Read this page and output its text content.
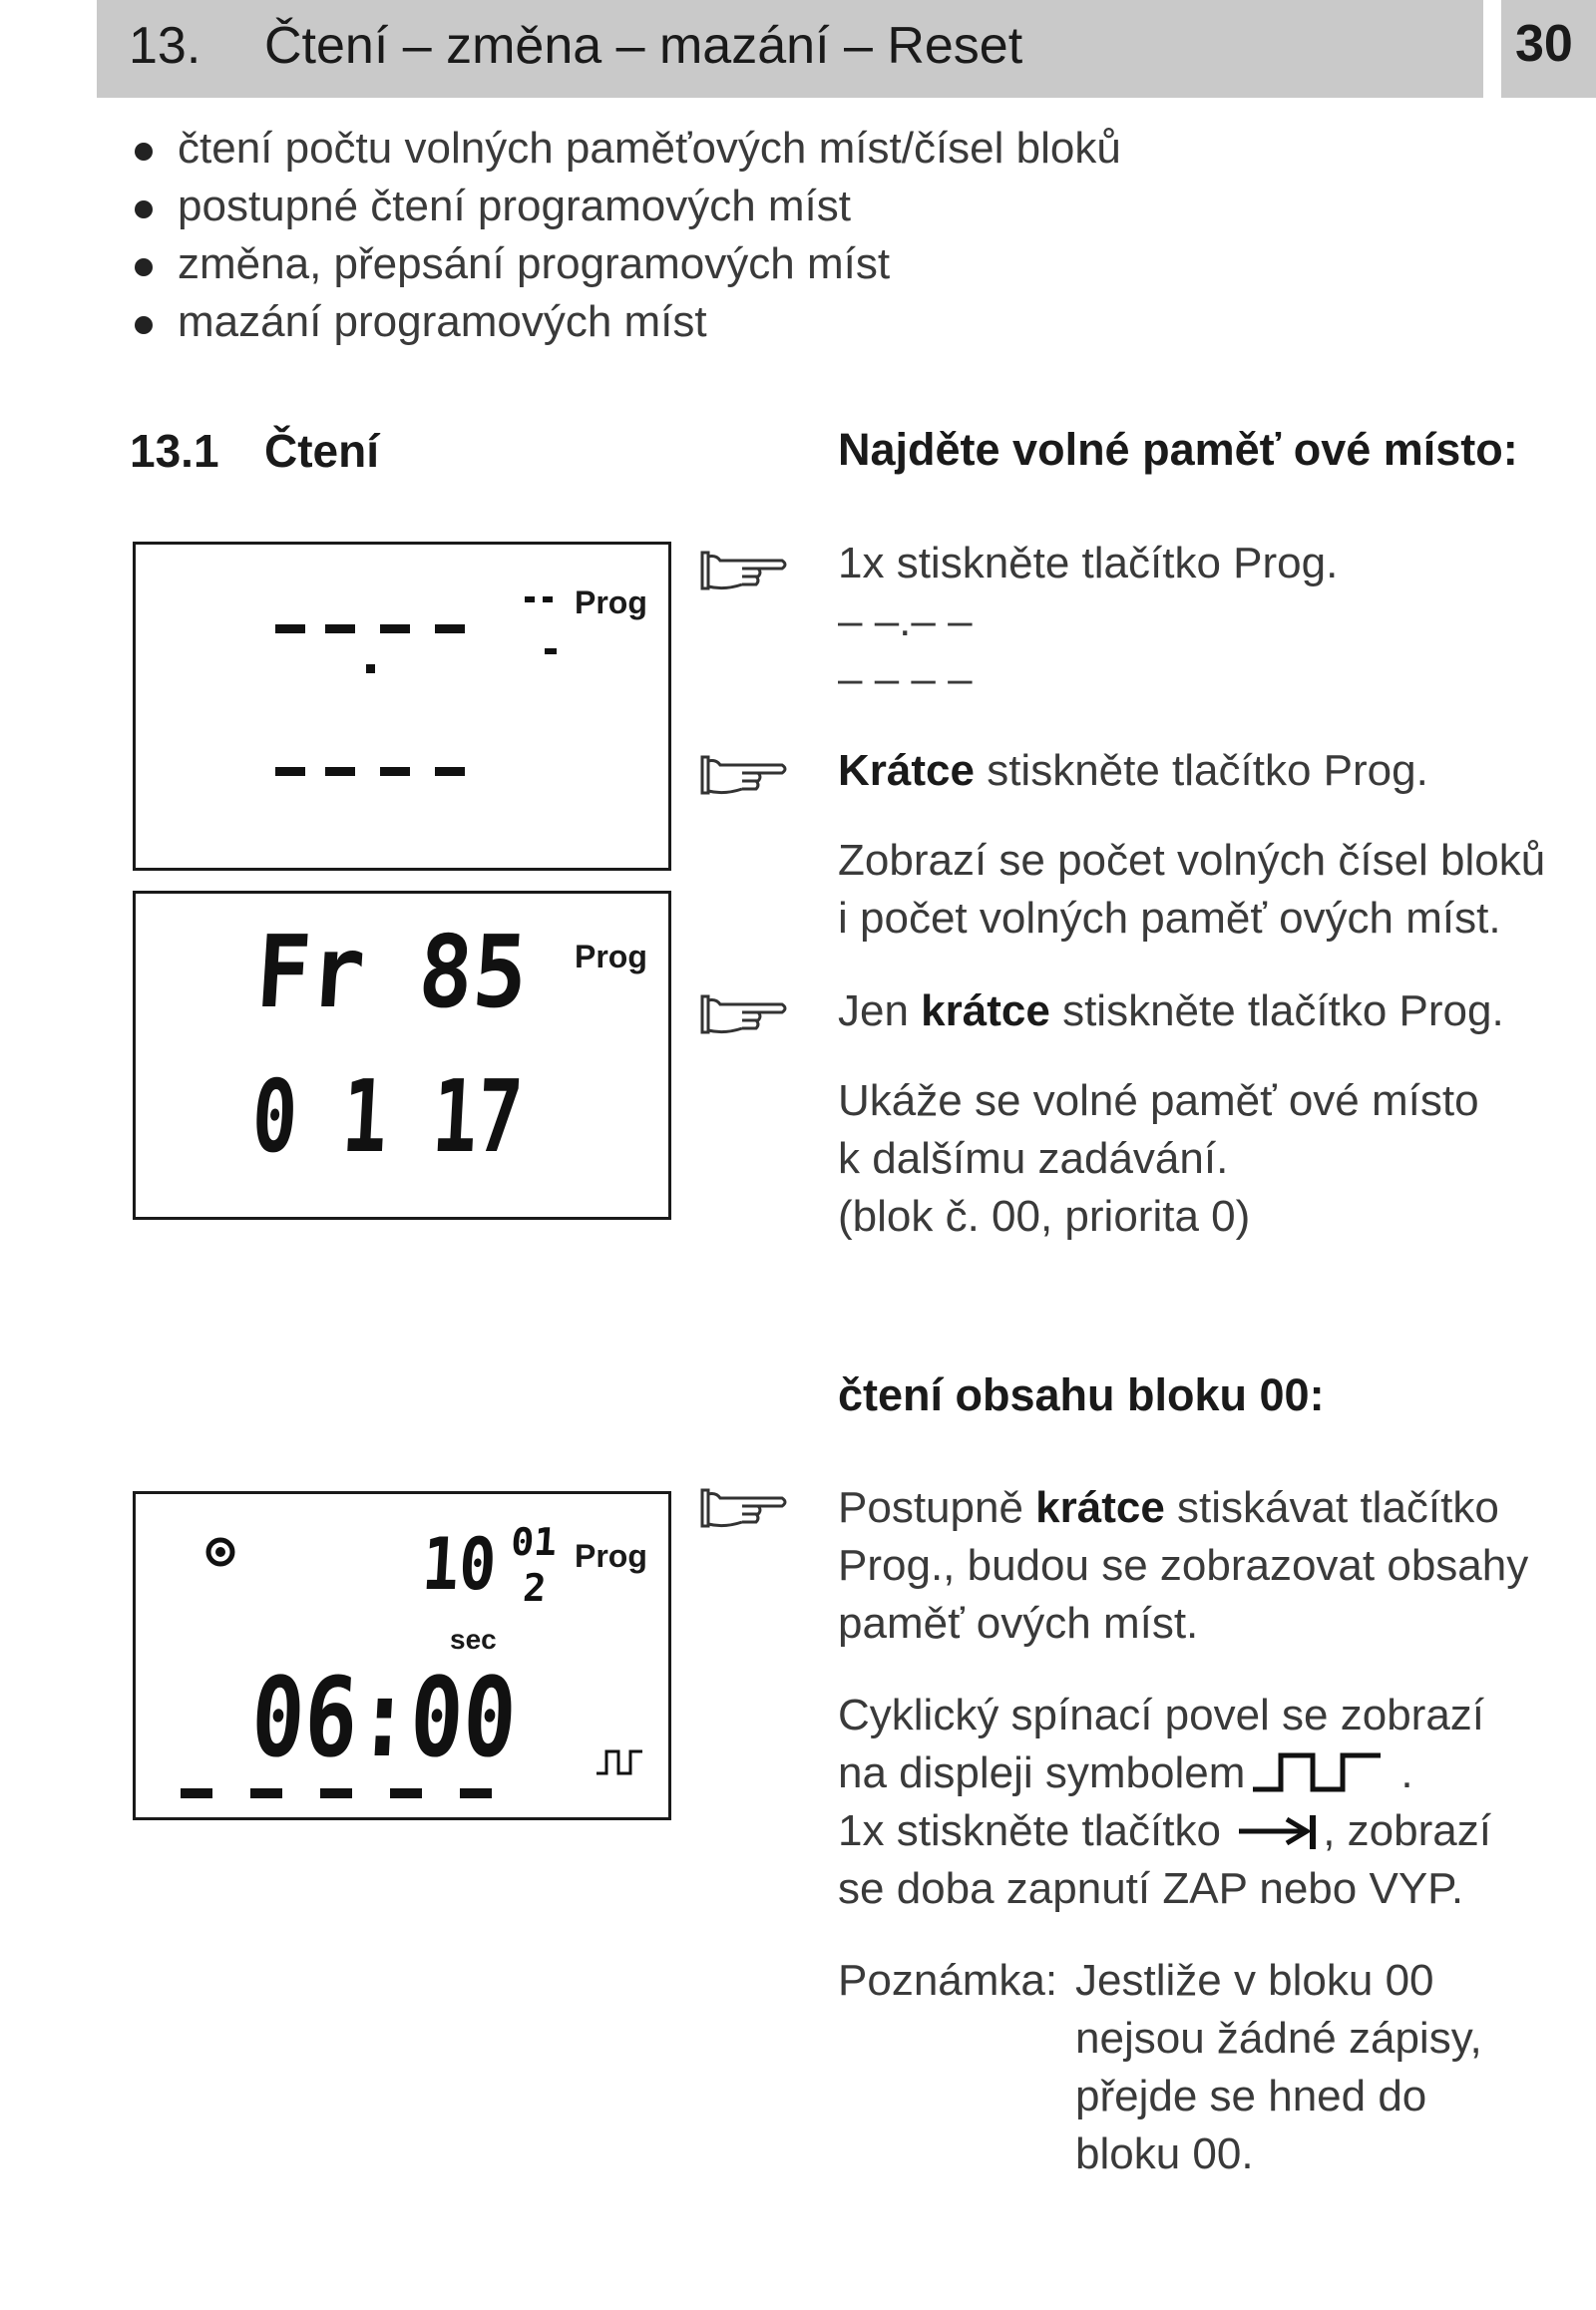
13. Čtení – změna – mazání – Reset	30
čtení počtu volných paměťových míst/čísel bloků
postupné čtení programových míst
změna, přepsání programových míst
mazání programových míst
13.1 Čtení	Najděte volné paměť ové místo:
Prog
Fr 85
0 1 17
Prog
10 01
2
Prog
sec
06:00
1x stiskněte tlačítko Prog.
– –.– –
– – – –
Krátce stiskněte tlačítko Prog.
Zobrazí se počet volných čísel bloků
i počet volných paměť ových míst.
Jen krátce stiskněte tlačítko Prog.
Ukáže se volné paměť ové místo
k dalšímu zadávání.
(blok č. 00, priorita 0)
čtení obsahu bloku 00:
Postupně krátce stiskávat tlačítko
Prog., budou se zobrazovat obsahy
paměť ových míst.
Cyklický spínací povel se zobrazí
na displeji symbolem	.
1x stiskněte tlačítko , zobrazí
se doba zapnutí ZAP nebo VYP.
Poznámka: Jestliže v bloku 00
nejsou žádné zápisy,
přejde se hned do
bloku 00.
